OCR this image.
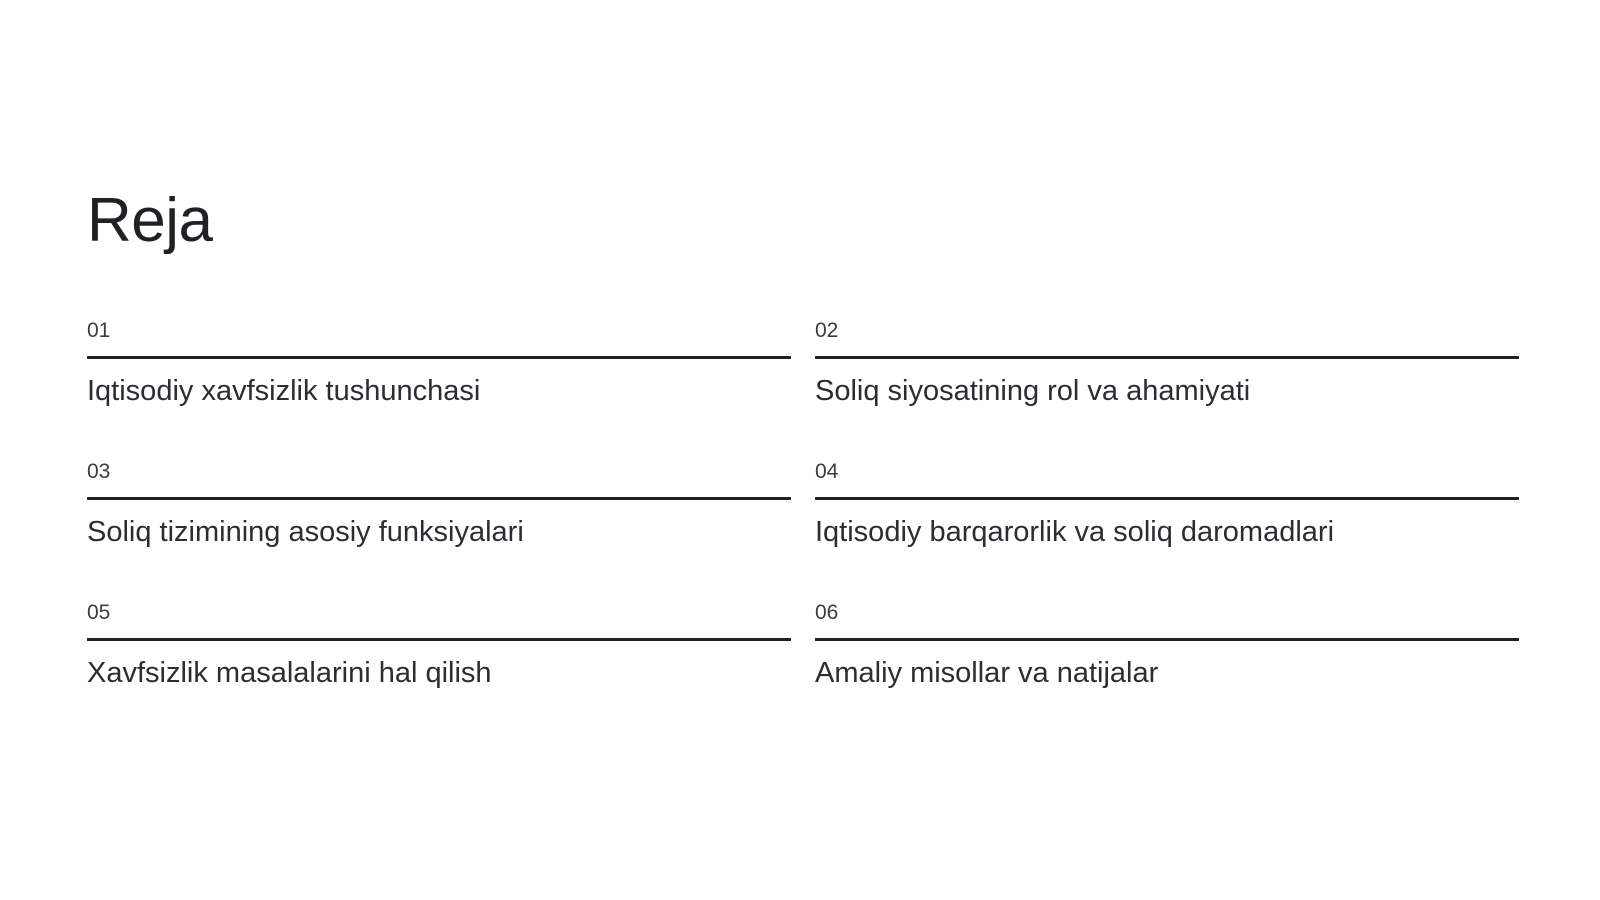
Reja
01
Iqtisodiy xavfsizlik tushunchasi
02
Soliq siyosatining rol va ahamiyati
03
Soliq tizimining asosiy funksiyalari
04
Iqtisodiy barqarorlik va soliq daromadlari
05
Xavfsizlik masalalarini hal qilish
06
Amaliy misollar va natijalar
